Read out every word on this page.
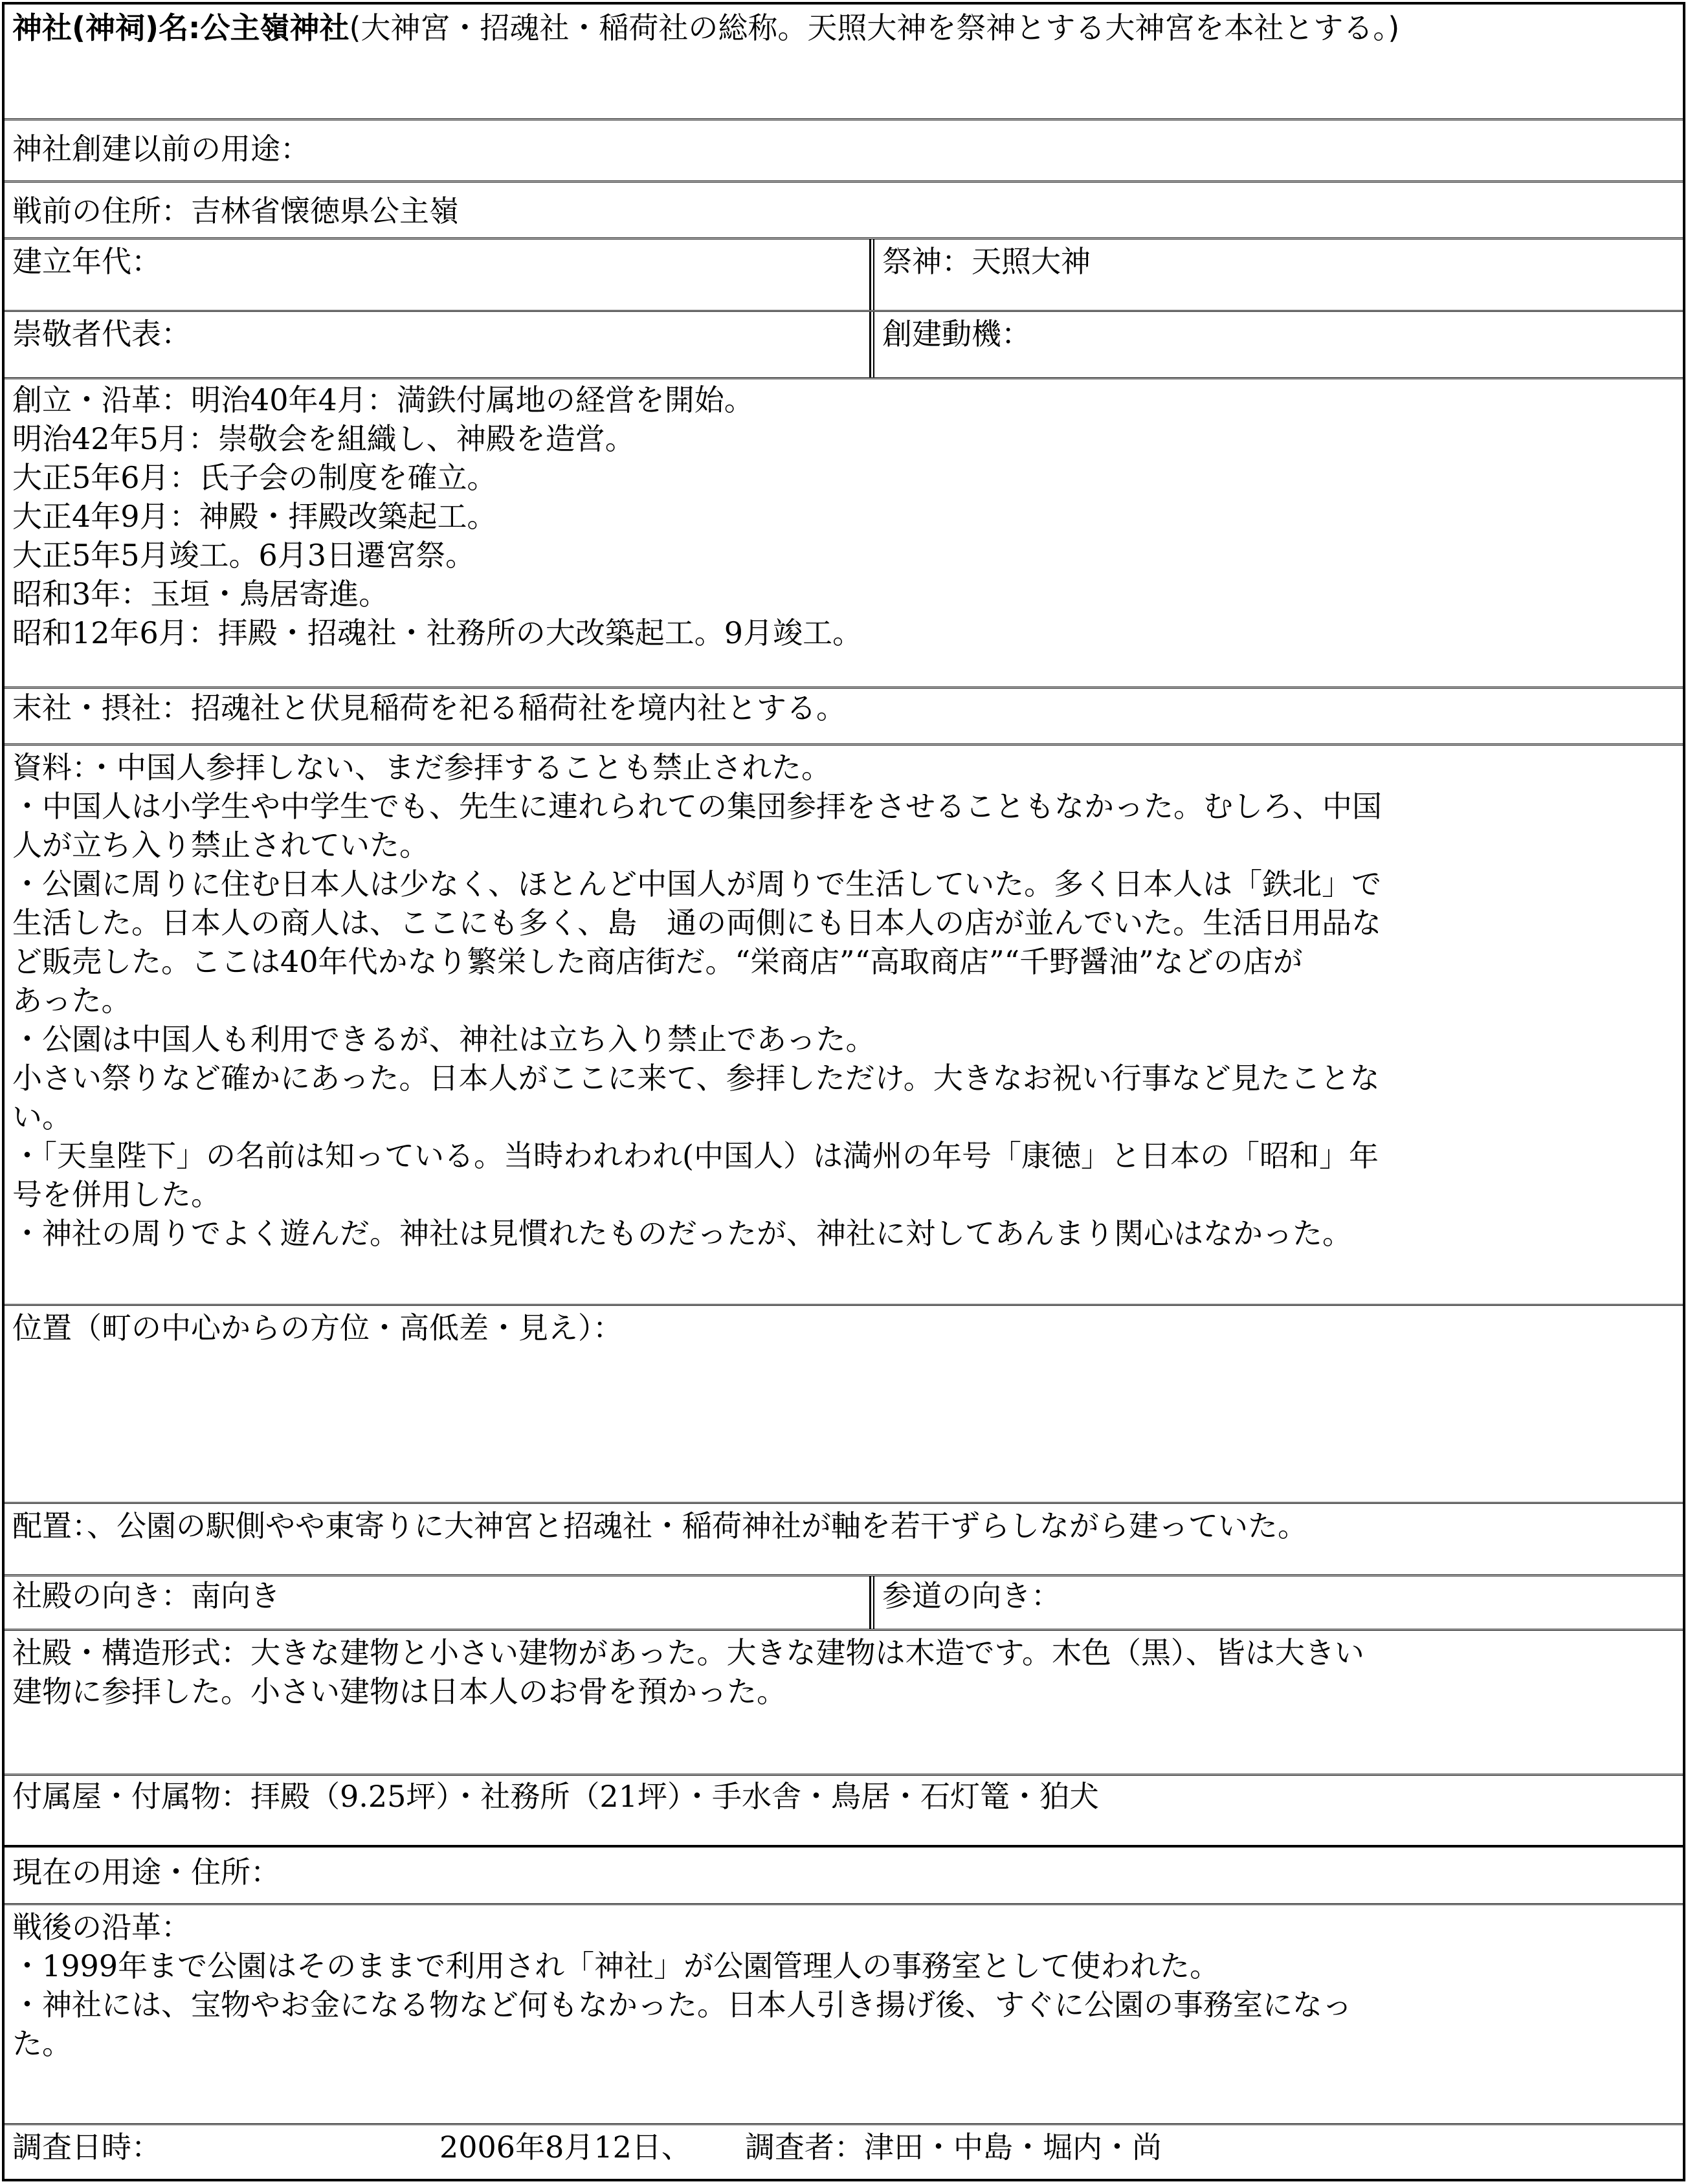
神社(神祠)名:公主嶺神社(大神宮・招魂社・稲荷社の総称。天照大神を祭神とする大神宮を本社とする。)
神社創建以前の用途：
戦前の住所：吉林省懐徳県公主嶺
建立年代：	祭神：天照大神
崇敬者代表：	創建動機：
創立・沿革：明治40年4月：満鉄付属地の経営を開始。
明治42年5月：崇敬会を組織し、神殿を造営。
大正5年6月：氏子会の制度を確立。
大正4年9月：神殿・拝殿改築起工。
大正5年5月竣工。6月3日遷宮祭。
昭和3年：玉垣・鳥居寄進。
昭和12年6月：拝殿・招魂社・社務所の大改築起工。9月竣工。
末社・摂社：招魂社と伏見稲荷を祀る稲荷社を境内社とする。
資料：・中国人参拝しない、まだ参拝することも禁止された。
・中国人は小学生や中学生でも、先生に連れられての集団参拝をさせることもなかった。むしろ、中国
人が立ち入り禁止されていた。
・公園に周りに住む日本人は少なく、ほとんど中国人が周りで生活していた。多く日本人は「鉄北」で
生活した。日本人の商人は、ここにも多く、島　通の両側にも日本人の店が並んでいた。生活日用品な
ど販売した。ここは40年代かなり繁栄した商店街だ。“栄商店”“高取商店”“千野醤油”などの店が
あった。
・公園は中国人も利用できるが、神社は立ち入り禁止であった。
小さい祭りなど確かにあった。日本人がここに来て、参拝しただけ。大きなお祝い行事など見たことな
い。
・「天皇陛下」の名前は知っている。当時われわれ(中国人）は満州の年号「康徳」と日本の「昭和」年
号を併用した。
・神社の周りでよく遊んだ。神社は見慣れたものだったが、神社に対してあんまり関心はなかった。
位置（町の中心からの方位・高低差・見え）：
配置：、公園の駅側やや東寄りに大神宮と招魂社・稲荷神社が軸を若干ずらしながら建っていた。
社殿の向き：南向き	参道の向き：
社殿・構造形式：大きな建物と小さい建物があった。大きな建物は木造です。木色（黒）、皆は大きい
建物に参拝した。小さい建物は日本人のお骨を預かった。
付属屋・付属物：拝殿（9.25坪）・社務所（21坪）・手水舎・鳥居・石灯篭・狛犬
現在の用途・住所：
戦後の沿革：
・1999年まで公園はそのままで利用され「神社」が公園管理人の事務室として使われた。
・神社には、宝物やお金になる物など何もなかった。日本人引き揚げ後、すぐに公園の事務室になっ
た。
調査日時：	2006年8月12日、 調査者：津田・中島・堀内・尚
